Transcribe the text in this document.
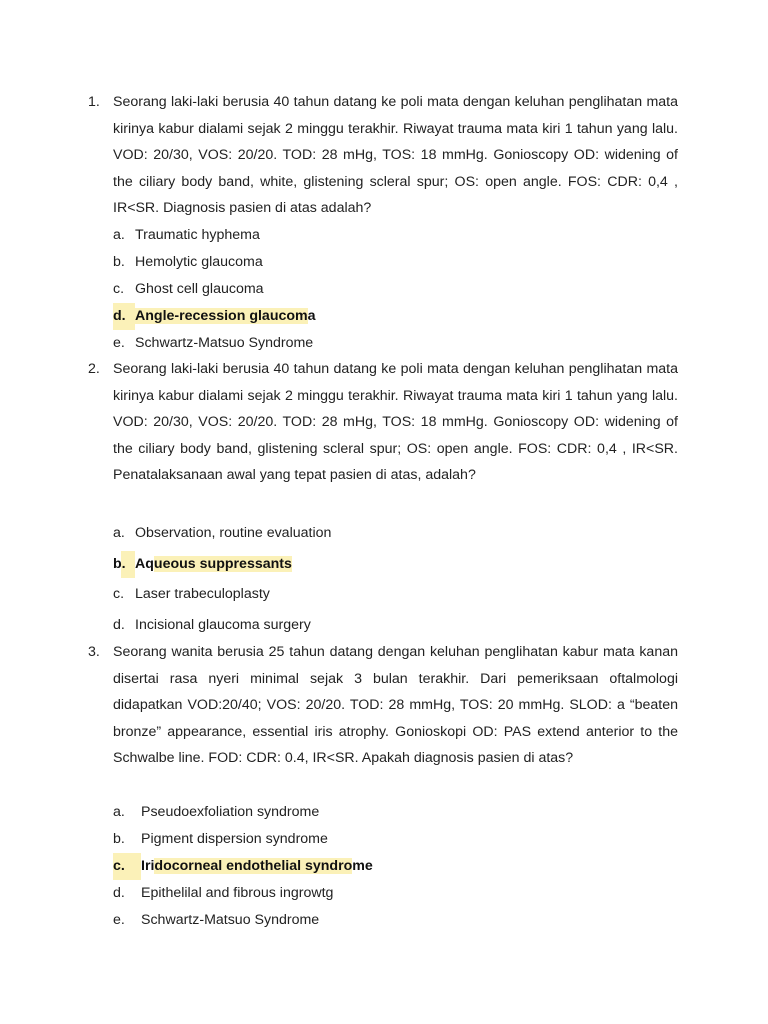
1. Seorang laki-laki berusia 40 tahun datang ke poli mata dengan keluhan penglihatan mata kirinya kabur dialami sejak 2 minggu terakhir. Riwayat trauma mata kiri 1 tahun yang lalu. VOD: 20/30, VOS: 20/20. TOD: 28 mHg, TOS: 18 mmHg. Gonioscopy OD: widening of the ciliary body band, white, glistening scleral spur; OS: open angle. FOS: CDR: 0,4 , IR<SR. Diagnosis pasien di atas adalah?
a. Traumatic hyphema
b. Hemolytic glaucoma
c. Ghost cell glaucoma
d. Angle-recession glaucoma
e. Schwartz-Matsuo Syndrome
2. Seorang laki-laki berusia 40 tahun datang ke poli mata dengan keluhan penglihatan mata kirinya kabur dialami sejak 2 minggu terakhir. Riwayat trauma mata kiri 1 tahun yang lalu. VOD: 20/30, VOS: 20/20. TOD: 28 mHg, TOS: 18 mmHg. Gonioscopy OD: widening of the ciliary body band, glistening scleral spur; OS: open angle. FOS: CDR: 0,4 , IR<SR. Penatalaksanaan awal yang tepat pasien di atas, adalah?
a. Observation, routine evaluation
b. Aqueous suppressants
c. Laser trabeculoplasty
d. Incisional glaucoma surgery
3. Seorang wanita berusia 25 tahun datang dengan keluhan penglihatan kabur mata kanan disertai rasa nyeri minimal sejak 3 bulan terakhir. Dari pemeriksaan oftalmologi didapatkan VOD:20/40; VOS: 20/20. TOD: 28 mmHg, TOS: 20 mmHg. SLOD: a “beaten bronze” appearance, essential iris atrophy. Gonioskopi OD: PAS extend anterior to the Schwalbe line. FOD: CDR: 0.4, IR<SR. Apakah diagnosis pasien di atas?
a. Pseudoexfoliation syndrome
b. Pigment dispersion syndrome
c. Iridocorneal endothelial syndrome
d. Epithelilal and fibrous ingrowtg
e. Schwartz-Matsuo Syndrome
